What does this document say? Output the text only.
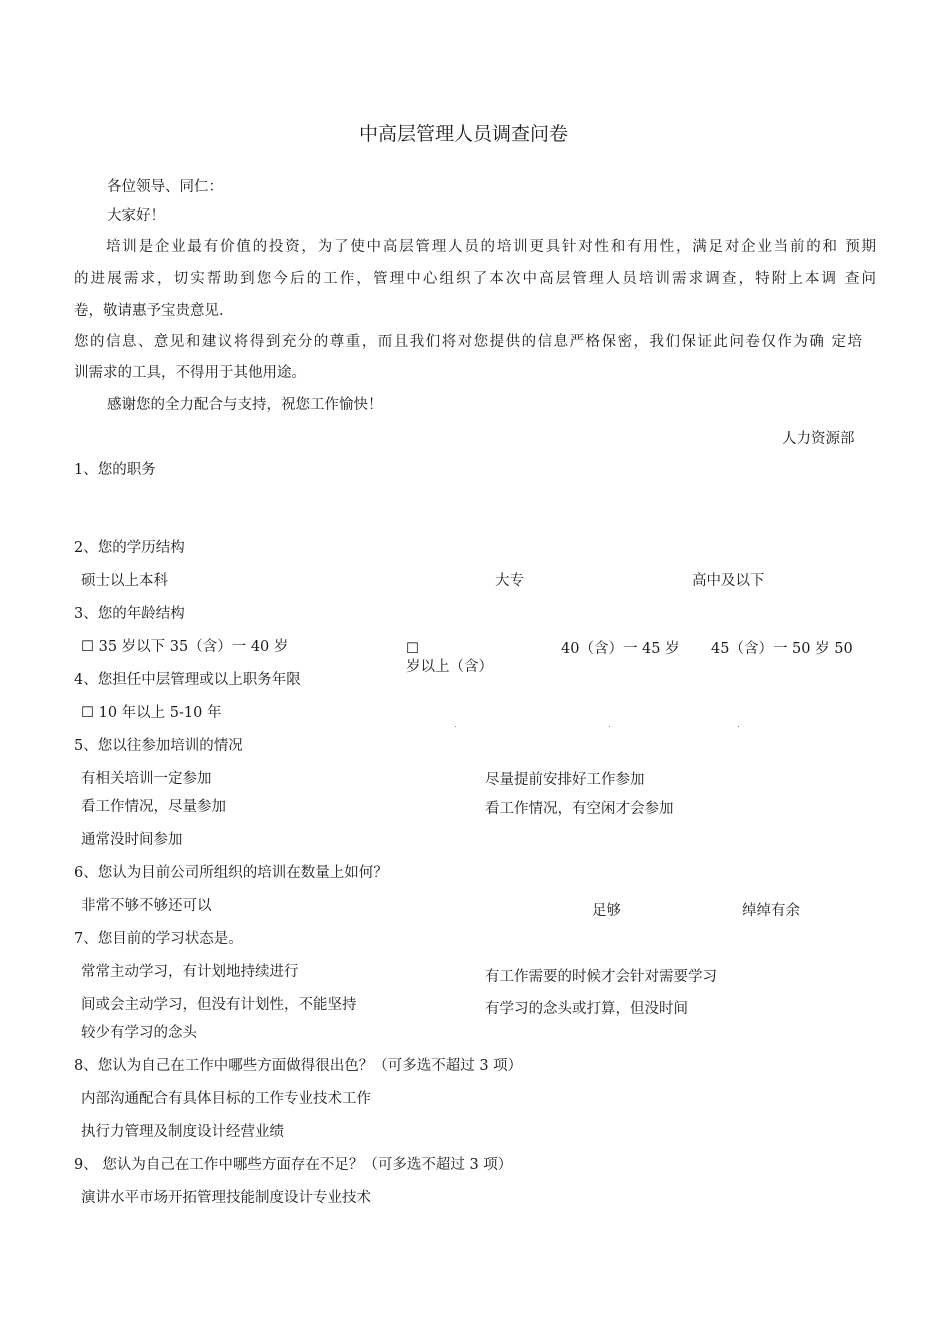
中高层管理人员调查问卷
各位领导、同仁：
大家好！
培训是企业最有价值的投资，为了使中高层管理人员的培训更具针对性和有用性，满足对企业当前的和 预期
的进展需求，切实帮助到您今后的工作，管理中心组织了本次中高层管理人员培训需求调查，特附上本调 查问
卷，敬请惠予宝贵意见.
您的信息、意见和建议将得到充分的尊重，而且我们将对您提供的信息严格保密，我们保证此问卷仅作为确 定培
训需求的工具，不得用于其他用途。
感谢您的全力配合与支持，祝您工作愉快！
人力资源部
1、您的职务
2、您的学历结构
硕士以上本科	大专	高中及以下
3、您的年龄结构
☐ 35 岁以下 35（含）一 40 岁	☐	40（含）一 45 岁 45（含）一 50 岁 50
岁以上（含）
4、您担任中层管理或以上职务年限
☐ 10 年以上 5-10 年
5、您以往参加培训的情况
有相关培训一定参加	尽量提前安排好工作参加
看工作情况，尽量参加	看工作情况，有空闲才会参加
通常没时间参加
6、您认为目前公司所组织的培训在数量上如何？
非常不够不够还可以	足够	绰绰有余
7、您目前的学习状态是。
常常主动学习，有计划地持续进行	有工作需要的时候才会针对需要学习
间或会主动学习，但没有计划性，不能坚持	有学习的念头或打算，但没时间
较少有学习的念头
8、您认为自己在工作中哪些方面做得很出色？（可多选不超过 3 项）
内部沟通配合有具体目标的工作专业技术工作
执行力管理及制度设计经营业绩
9、 您认为自己在工作中哪些方面存在不足？（可多选不超过 3 项）
演讲水平市场开拓管理技能制度设计专业技术
